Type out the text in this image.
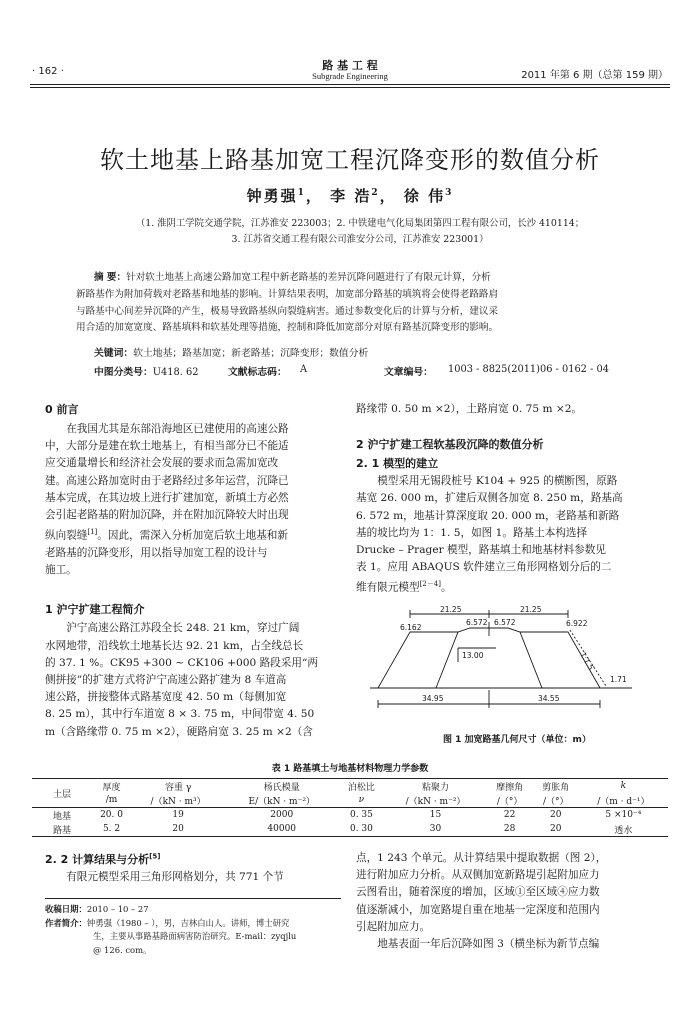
· 162 ·	路 基 工 程
Subgrade Engineering	2011 年第 6 期（总第 159 期）
软土地基上路基加宽工程沉降变形的数值分析
钟勇强$^1$， 李 浩$^2$， 徐 伟$^3$
（1. 淮阴工学院交通学院，江苏淮安 223003；2. 中铁建电气化局集团第四工程有限公司，长沙 410114；
3. 江苏省交通工程有限公司淮安分公司，江苏淮安 223001）
摘 要：针对软土地基上高速公路加宽工程中新老路基的差异沉降问题进行了有限元计算，分析
新路基作为附加荷载对老路基和地基的影响。计算结果表明，加宽部分路基的填筑将会使得老路路肩
与路基中心间差异沉降的产生，极易导致路基纵向裂缝病害。通过参数变化后的计算与分析，建议采
用合适的加宽宽度、路基填料和软基处理等措施，控制和降低加宽部分对原有路基沉降变形的影响。
关键词：软土地基；路基加宽；新老路基；沉降变形；数值分析
中图分类号：U418. 62	文献标志码： A	文章编号： 1003 - 8825(2011)06 - 0162 - 04
0 前言

在我国尤其是东部沿海地区已建使用的高速公路

中，大部分是建在软土地基上，有相当部分已不能适

应交通量增长和经济社会发展的要求而急需加宽改

建。高速公路加宽时由于老路经过多年运营，沉降已

基本完成，在其边坡上进行扩建加宽，新填土方必然

会引起老路基的附加沉降，并在附加沉降较大时出现

纵向裂缝[1]。因此，需深入分析加宽后软土地基和新

老路基的沉降变形，用以指导加宽工程的设计与

施工。

1 沪宁扩建工程简介

沪宁高速公路江苏段全长 248. 21 km，穿过广阔

水网地带，沿线软土地基长达 92. 21 km，占全线总长

的 37. 1 %。CK95 +300 ~ CK106 +000 路段采用“两

侧拼接”的扩建方式将沪宁高速公路扩建为 8 车道高

速公路，拼接整体式路基宽度 42. 50 m（每侧加宽

8. 25 m），其中行车道宽 8 × 3. 75 m，中间带宽 4. 50

m（含路缘带 0. 75 m ×2），硬路肩宽 3. 25 m ×2（含

路缘带 0. 50 m ×2），土路肩宽 0. 75 m ×2。

2 沪宁扩建工程软基段沉降的数值分析
2. 1 模型的建立

模型采用无锡段桩号 K104 + 925 的横断图，原路

基宽 26. 000 m，扩建后双侧各加宽 8. 250 m，路基高

6. 572 m，地基计算深度取 20. 000 m，老路基和新路

基的坡比均为 1：1. 5，如图 1。路基土本构选择

Drucke – Prager 模型，路基填土和地基材料参数见

表 1。应用 ABAQUS 软件建立三角形网格划分后的二

维有限元模型[2－4]。

21.25	21.25
6.162
6.572 6.572	6.922
13.00	1:1.5
1.71
34.95	34.55
图 1 加宽路基几何尺寸（单位：m）
表 1 路基填土与地基材料物理力学参数
土层	厚度	容重 γ	杨氏模量	泊松比	粘聚力	摩擦角	剪胀角	k
	/m	/（kN · m³）	E/（kN · m⁻²）	ν	/（kN · m⁻²）	/（°）	/（°）	/（m · d⁻¹）
地基	20. 0	19	2000	0. 35	15	22	20	5 ×10⁻⁴
路基	5. 2	20	40000	0. 30	30	28	20	透水
2. 2 计算结果与分析[5]

有限元模型采用三角形网格划分，共 771 个节

收稿日期：2010 – 10 – 27
作者简介：钟勇强（1980 – ），男，吉林白山人。讲师，博士研究
生，主要从事路基路面病害防治研究。E-mail：zyqjlu
@ 126. com。

点，1 243 个单元。从计算结果中提取数据（图 2），

进行附加应力分析。从双侧加宽新路堤引起附加应力

云图看出，随着深度的增加，区域①至区域④应力数

值逐渐减小，加宽路堤自重在地基一定深度和范围内

引起附加应力。

地基表面一年后沉降如图 3（横坐标为新节点编
